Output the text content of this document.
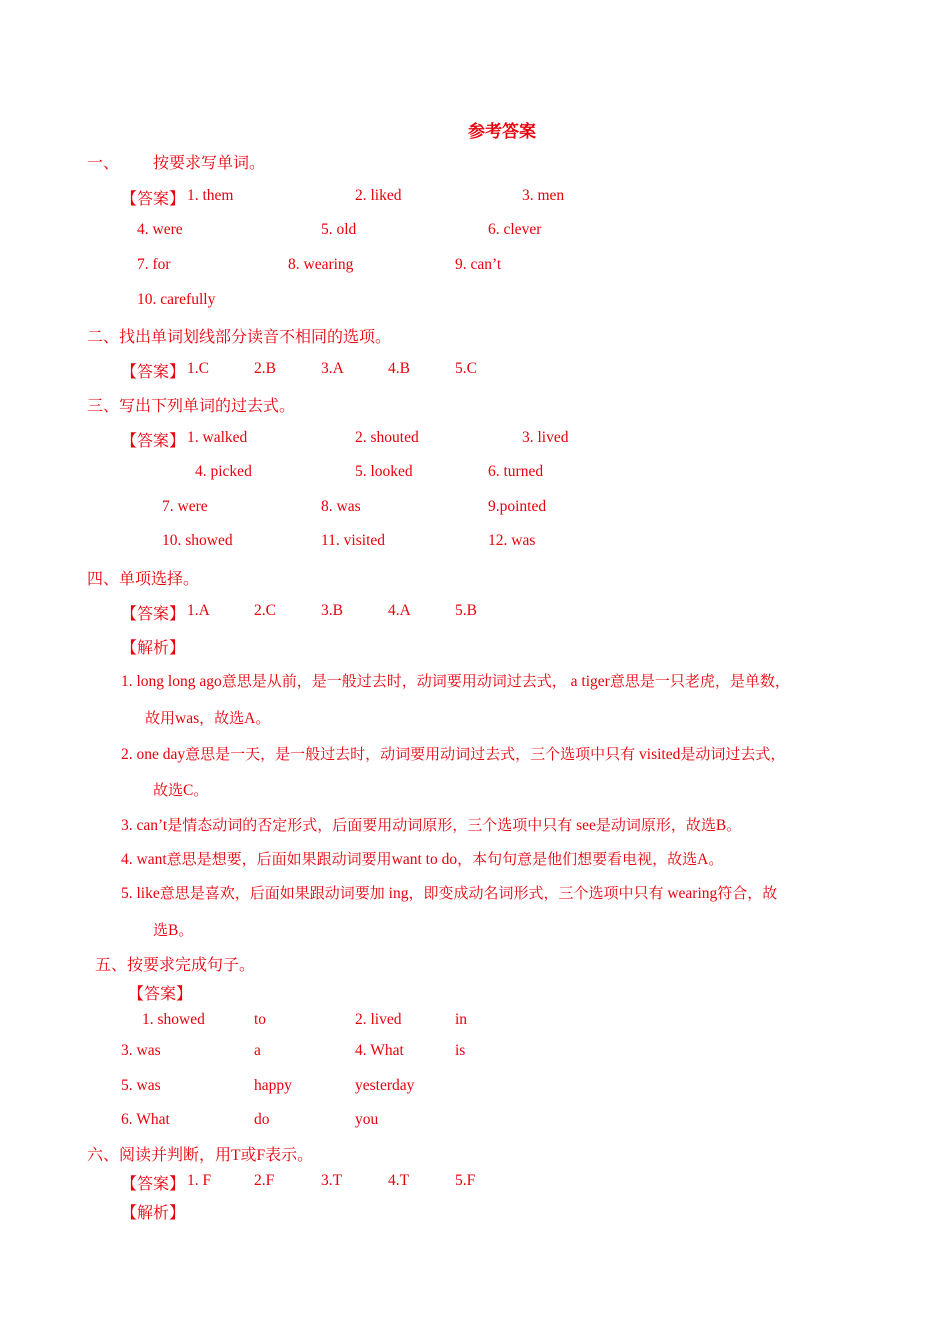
参考答案
一、 按要求写单词。
【答案】 1. them	2. liked	3. men
4. were	5. old	6. clever
7. for	8. wearing	9. can’t
10. carefully
二、找出单词划线部分读音不相同的选项。
【答案】 1.C	2.B	3.A	4.B	5.C
三、写出下列单词的过去式。
【答案】 1. walked	2. shouted	3. lived
4. picked	5. looked	6. turned
7. were	8. was	9.pointed
10. showed	11. visited	12. was
四、单项选择。
【答案】 1.A	2.C	3.B	4.A	5.B
【解析】
1. long long ago意思是从前，是一般过去时，动词要用动词过去式， a tiger意思是一只老虎，是单数，
故用was，故选A。
2. one day意思是一天，是一般过去时，动词要用动词过去式，三个选项中只有 visited是动词过去式，
故选C。
3. can’t是情态动词的否定形式，后面要用动词原形，三个选项中只有 see是动词原形，故选B。
4. want意思是想要，后面如果跟动词要用want to do，本句句意是他们想要看电视，故选A。
5. like意思是喜欢，后面如果跟动词要加 ing，即变成动名词形式，三个选项中只有 wearing符合，故
选B。
五、按要求完成句子。
【答案】
1. showed	to	2. lived	in
3. was	a	4. What	is
5. was	happy	yesterday
6. What	do	you
六、阅读并判断，用T或F表示。
【答案】 1. F	2.F	3.T	4.T	5.F
【解析】
